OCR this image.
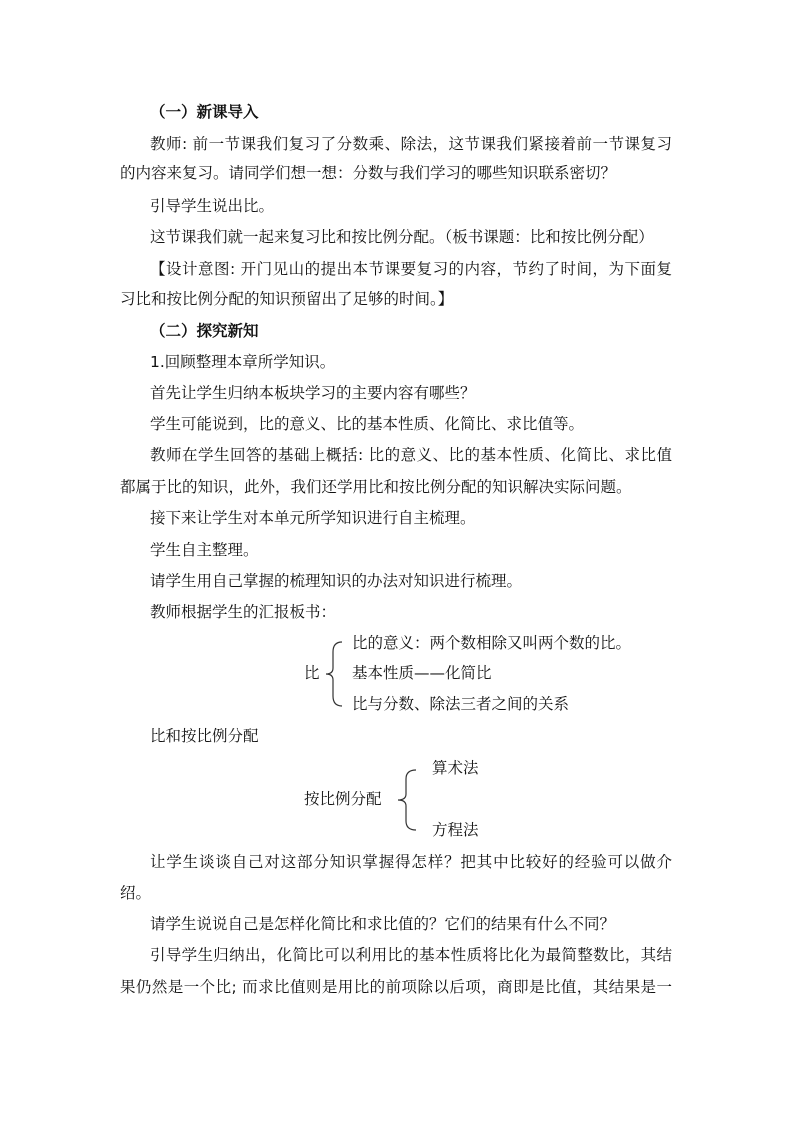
（一）新课导入
教师: 前一节课我们复习了分数乘、除法，这节课我们紧接着前一节课复习
的内容来复习。请同学们想一想：分数与我们学习的哪些知识联系密切？
引导学生说出比。
这节课我们就一起来复习比和按比例分配。（板书课题：比和按比例分配）
【设计意图: 开门见山的提出本节课要复习的内容，节约了时间，为下面复
习比和按比例分配的知识预留出了足够的时间。】
（二）探究新知
1.回顾整理本章所学知识。
首先让学生归纳本板块学习的主要内容有哪些？
学生可能说到，比的意义、比的基本性质、化简比、求比值等。
教师在学生回答的基础上概括: 比的意义、比的基本性质、化简比、求比值
都属于比的知识，此外，我们还学用比和按比例分配的知识解决实际问题。
接下来让学生对本单元所学知识进行自主梳理。
学生自主整理。
请学生用自己掌握的梳理知识的办法对知识进行梳理。
教师根据学生的汇报板书：
比
比的意义：两个数相除又叫两个数的比。
基本性质——化简比
比与分数、除法三者之间的关系
比和按比例分配
按比例分配
算术法
方程法
让学生谈谈自己对这部分知识掌握得怎样？把其中比较好的经验可以做介
绍。
请学生说说自己是怎样化简比和求比值的？它们的结果有什么不同？
引导学生归纳出，化简比可以利用比的基本性质将比化为最简整数比，其结
果仍然是一个比; 而求比值则是用比的前项除以后项，商即是比值，其结果是一
